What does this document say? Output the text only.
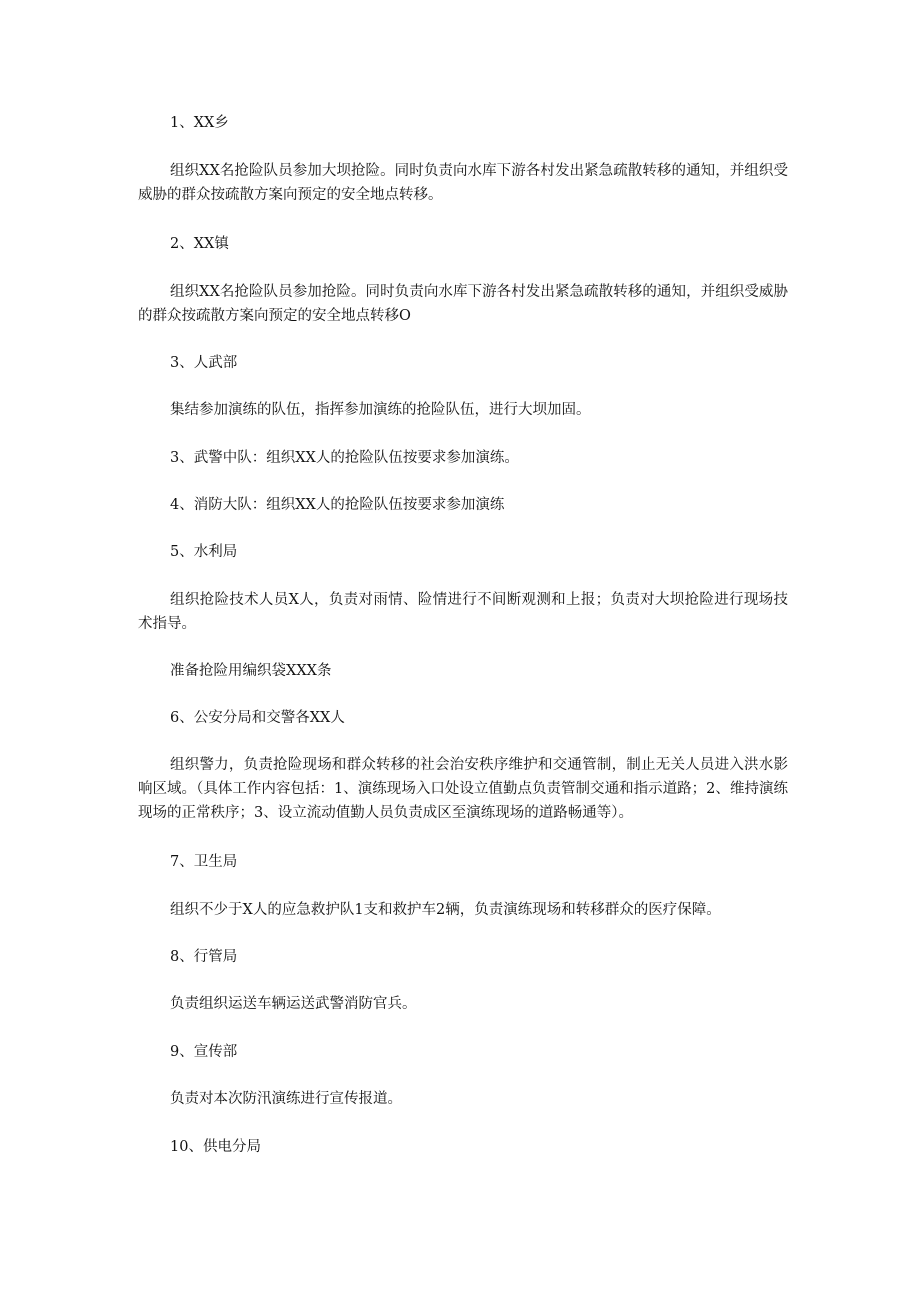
1、XX乡

组织XX名抢险队员参加大坝抢险。同时负责向水库下游各村发出紧急疏散转移的通知，并组织受威胁的群众按疏散方案向预定的安全地点转移。

2、XX镇

组织XX名抢险队员参加抢险。同时负责向水库下游各村发出紧急疏散转移的通知，并组织受威胁的群众按疏散方案向预定的安全地点转移O

3、人武部

集结参加演练的队伍，指挥参加演练的抢险队伍，进行大坝加固。

3、武警中队：组织XX人的抢险队伍按要求参加演练。

4、消防大队：组织XX人的抢险队伍按要求参加演练

5、水利局

组织抢险技术人员X人，负责对雨情、险情进行不间断观测和上报；负责对大坝抢险进行现场技术指导。

准备抢险用编织袋XXX条

6、公安分局和交警各XX人

组织警力，负责抢险现场和群众转移的社会治安秩序维护和交通管制，制止无关人员进入洪水影响区域。（具体工作内容包括：1、演练现场入口处设立值勤点负责管制交通和指示道路；2、维持演练现场的正常秩序；3、设立流动值勤人员负责成区至演练现场的道路畅通等）。

7、卫生局

组织不少于X人的应急救护队1支和救护车2辆，负责演练现场和转移群众的医疗保障。

8、行管局

负责组织运送车辆运送武警消防官兵。

9、宣传部

负责对本次防汛演练进行宣传报道。

10、供电分局
